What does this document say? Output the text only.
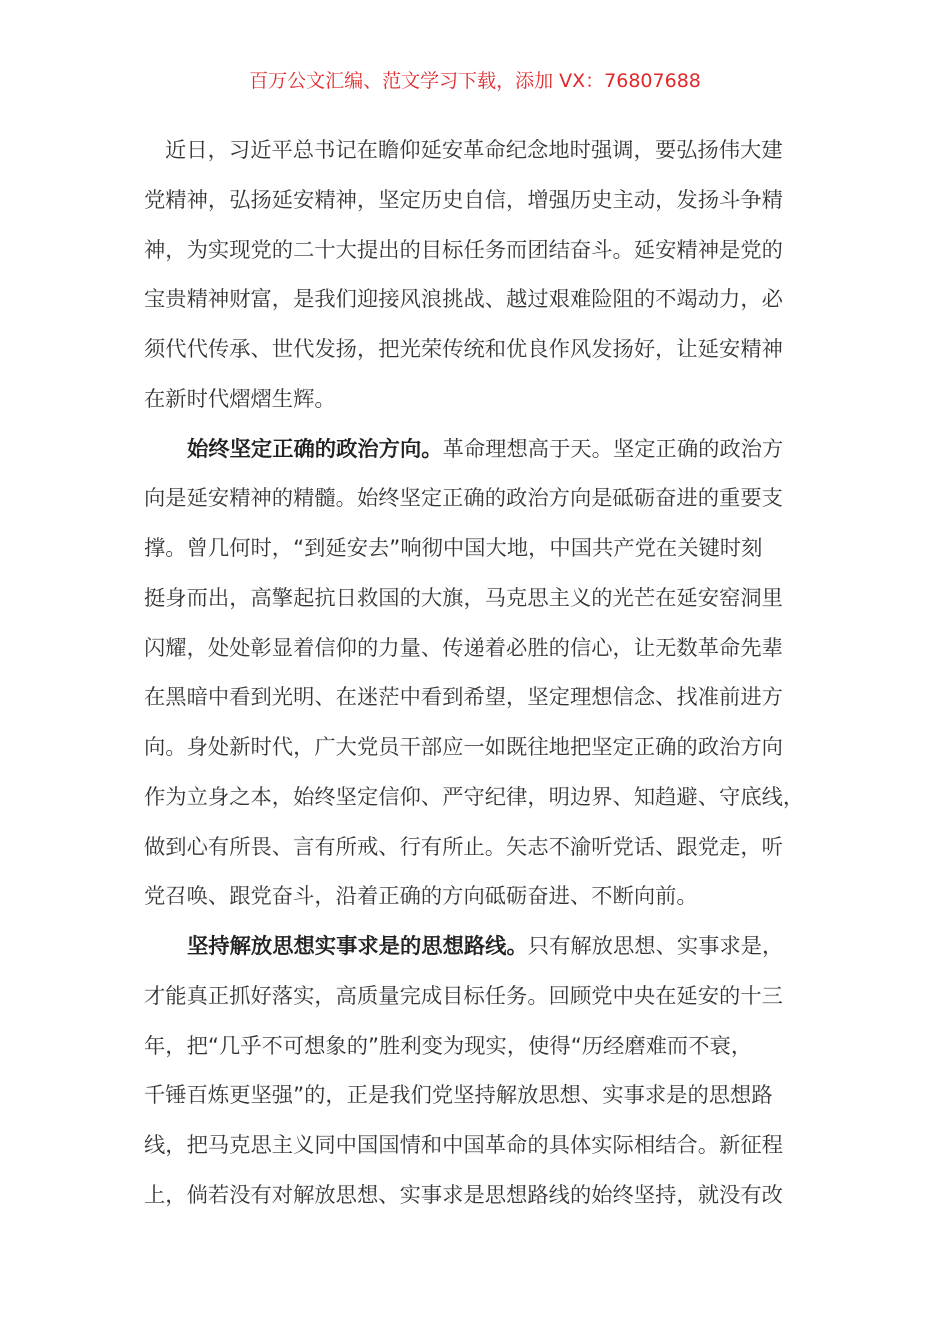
百万公文汇编、范文学习下载，添加 VX：76807688
近日，习近平总书记在瞻仰延安革命纪念地时强调，要弘扬伟大建
党精神，弘扬延安精神，坚定历史自信，增强历史主动，发扬斗争精
神，为实现党的二十大提出的目标任务而团结奋斗。延安精神是党的
宝贵精神财富，是我们迎接风浪挑战、越过艰难险阻的不竭动力，必
须代代传承、世代发扬，把光荣传统和优良作风发扬好，让延安精神
在新时代熠熠生辉。
始终坚定正确的政治方向。革命理想高于天。坚定正确的政治方
向是延安精神的精髓。始终坚定正确的政治方向是砥砺奋进的重要支
撑。曾几何时，“到延安去”响彻中国大地，中国共产党在关键时刻
挺身而出，高擎起抗日救国的大旗，马克思主义的光芒在延安窑洞里
闪耀，处处彰显着信仰的力量、传递着必胜的信心，让无数革命先辈
在黑暗中看到光明、在迷茫中看到希望，坚定理想信念、找准前进方
向。身处新时代，广大党员干部应一如既往地把坚定正确的政治方向
作为立身之本，始终坚定信仰、严守纪律，明边界、知趋避、守底线，
做到心有所畏、言有所戒、行有所止。矢志不渝听党话、跟党走，听
党召唤、跟党奋斗，沿着正确的方向砥砺奋进、不断向前。
坚持解放思想实事求是的思想路线。只有解放思想、实事求是，
才能真正抓好落实，高质量完成目标任务。回顾党中央在延安的十三
年，把“几乎不可想象的”胜利变为现实，使得“历经磨难而不衰，
千锤百炼更坚强”的，正是我们党坚持解放思想、实事求是的思想路
线，把马克思主义同中国国情和中国革命的具体实际相结合。新征程
上，倘若没有对解放思想、实事求是思想路线的始终坚持，就没有改
